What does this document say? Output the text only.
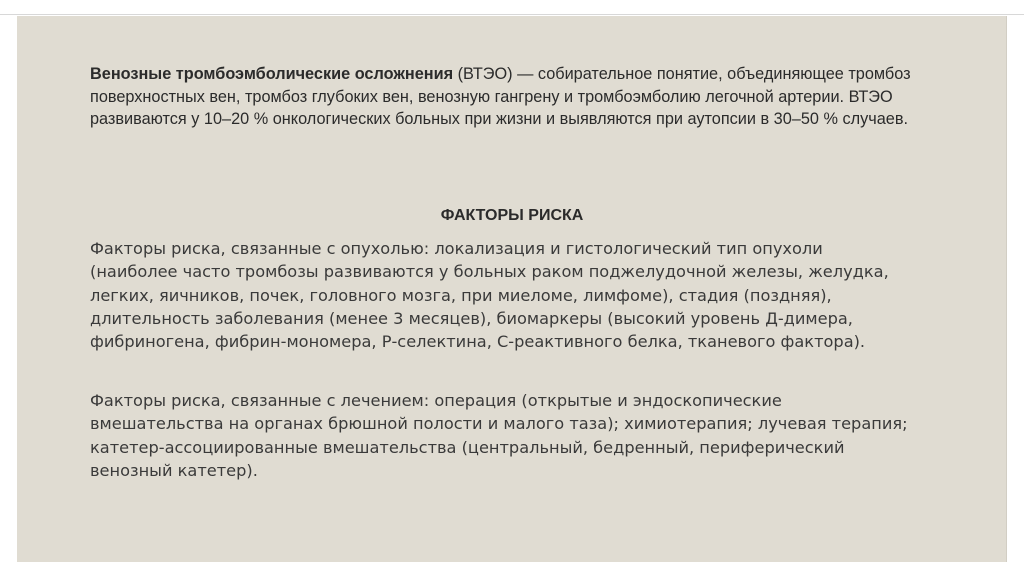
Венозные тромбоэмболические осложнения (ВТЭО) — собирательное понятие, объединяющее тромбоз поверхностных вен, тромбоз глубоких вен, венозную гангрену и тромбоэмболию легочной артерии. ВТЭО развиваются у 10–20 % онкологических больных при жизни и выявляются при аутопсии в 30–50 % случаев.

ФАКТОРЫ РИСКА

Факторы риска, связанные с опухолью: локализация и гистологический тип опухоли (наиболее часто тромбозы развиваются у больных раком поджелудочной железы, желудка, легких, яичников, почек, головного мозга, при миеломе, лимфоме), стадия (поздняя), длительность заболевания (менее 3 месяцев), биомаркеры (высокий уровень Д-димера, фибриногена, фибрин-мономера, Р-селектина, С-реактивного белка, тканевого фактора).

Факторы риска, связанные с лечением: операция (открытые и эндоскопические вмешательства на органах брюшной полости и малого таза); химиотерапия; лучевая терапия; катетер-ассоциированные вмешательства (центральный, бедренный, периферический венозный катетер).
